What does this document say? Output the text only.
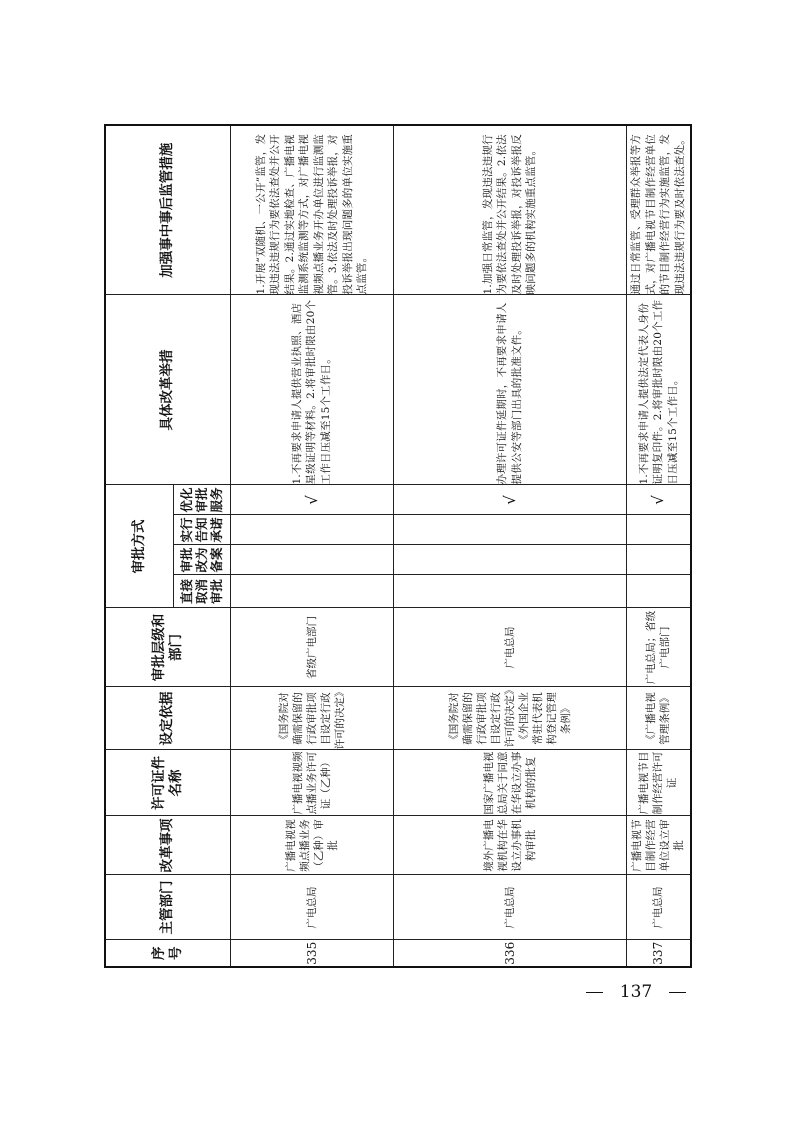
序号	主管部门	改革事项	许可证件名称	设定依据	审批层级和部门	审批方式				具体改革举措	加强事中事后监管措施
						直接取消审批	审批改为备案	实行告知承诺	优化审批服务		
335	广电总局	广播电视视频点播业务（乙种）审批	广播电视视频点播业务许可证（乙种）	《国务院对确需保留的行政审批项目设定行政许可的决定》	省级广电部门				√	1.不再要求申请人提供营业执照、酒店星级证明等材料。2.将审批时限由20个工作日压减至15个工作日。	1.开展“双随机、一公开”监管，发现违法违规行为要依法查处并公开结果。2.通过实地检查、广播电视监测系统监测等方式，对广播电视视频点播业务开办单位进行监测监管。3.依法及时处理投诉举报，对投诉举报出现问题多的单位实施重点监管。
336	广电总局	境外广播电视机构在华设立办事机构审批	国家广播电视总局关于同意在华设立办事机构的批复	《国务院对确需保留的行政审批项目设定行政许可的决定》《外国企业常驻代表机构登记管理条例》	广电总局				√	办理许可证件延期时，不再要求申请人提供公安等部门出具的批准文件。	1.加强日常监管，发现违法违规行为要依法查处并公开结果。2.依法及时处理投诉举报，对投诉举报反映问题多的机构实施重点监管。
337	广电总局	广播电视节目制作经营单位设立审批	广播电视节目制作经营许可证	《广播电视管理条例》	广电总局；省级广电部门				√	1.不再要求申请人提供法定代表人身份证明复印件。2.将审批时限由20个工作日压减至15个工作日。	通过日常监管、受理群众举报等方式，对广播电视节目制作经营单位的节目制作经营行为实施监管，发现违法违规行为要及时依法查处。
137
